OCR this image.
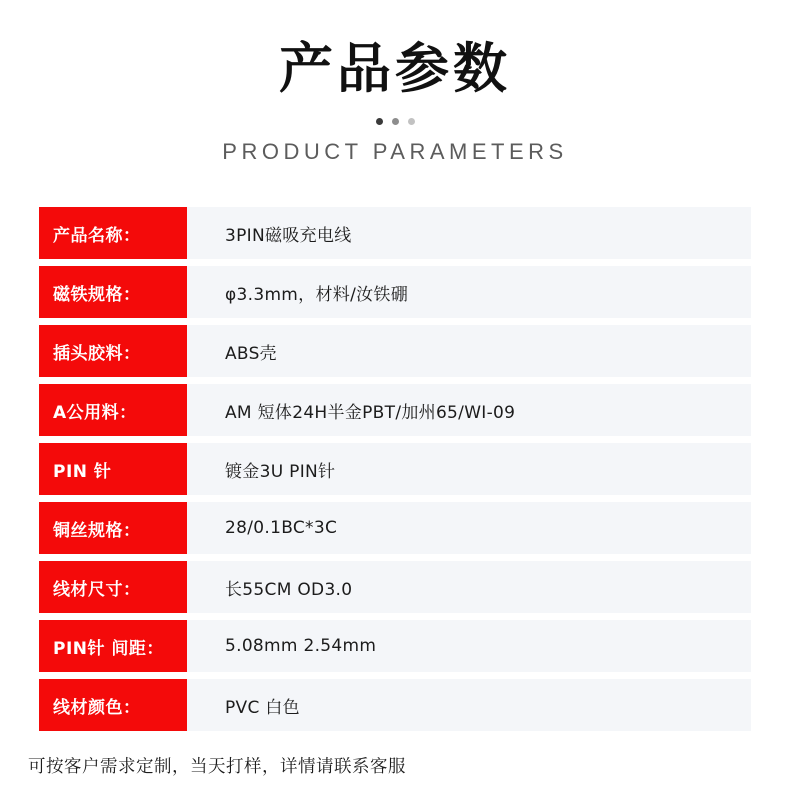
产品参数
PRODUCT PARAMETERS
产品名称：	3PIN磁吸充电线
磁铁规格：	φ3.3mm，材料/汝铁硼
插头胶料：	ABS壳
A公用料：	AM 短体24H半金PBT/加州65/WI-09
PIN 针	镀金3U PIN针
铜丝规格：	28/0.1BC*3C
线材尺寸：	长55CM OD3.0
PIN针 间距：	5.08mm 2.54mm
线材颜色：	PVC 白色
可按客户需求定制，当天打样，详情请联系客服
